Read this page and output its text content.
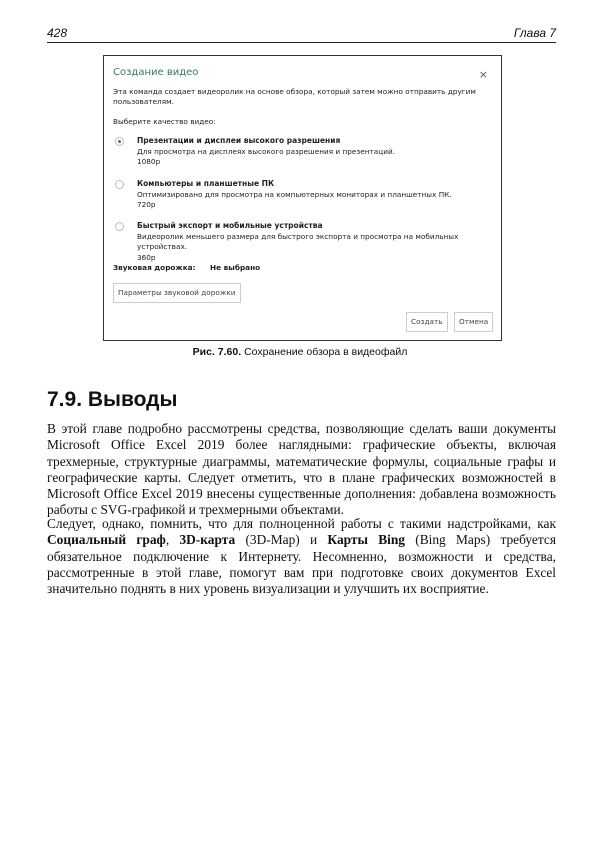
428	Глава 7
Создание видео	×
Эта команда создает видеоролик на основе обзора, который затем можно отправить другим пользователям.
Выберите качество видео:
Презентации и дисплеи высокого разрешения
Для просмотра на дисплеях высокого разрешения и презентаций.
1080p
Компьютеры и планшетные ПК
Оптимизировано для просмотра на компьютерных мониторах и планшетных ПК.
720p
Быстрый экспорт и мобильные устройства
Видеоролик меньшего размера для быстрого экспорта и просмотра на мобильных устройствах.
360p
Звуковая дорожка: Не выбрано
Параметры звуковой дорожки
Создать	Отмена
Рис. 7.60. Сохранение обзора в видеофайл
7.9. Выводы
В этой главе подробно рассмотрены средства, позволяющие сделать ваши документы Microsoft Office Excel 2019 более наглядными: графические объекты, включая трехмерные, структурные диаграммы, математические формулы, социальные графы и географические карты. Следует отметить, что в плане графических возможностей в Microsoft Office Excel 2019 внесены существенные дополнения: добавлена возможность работы с SVG-графикой и трехмерными объектами.
Следует, однако, помнить, что для полноценной работы с такими надстройками, как Социальный граф, 3D-карта (3D-Map) и Карты Bing (Bing Maps) требуется обязательное подключение к Интернету. Несомненно, возможности и средства, рассмотренные в этой главе, помогут вам при подготовке своих документов Excel значительно поднять в них уровень визуализации и улучшить их восприятие.
